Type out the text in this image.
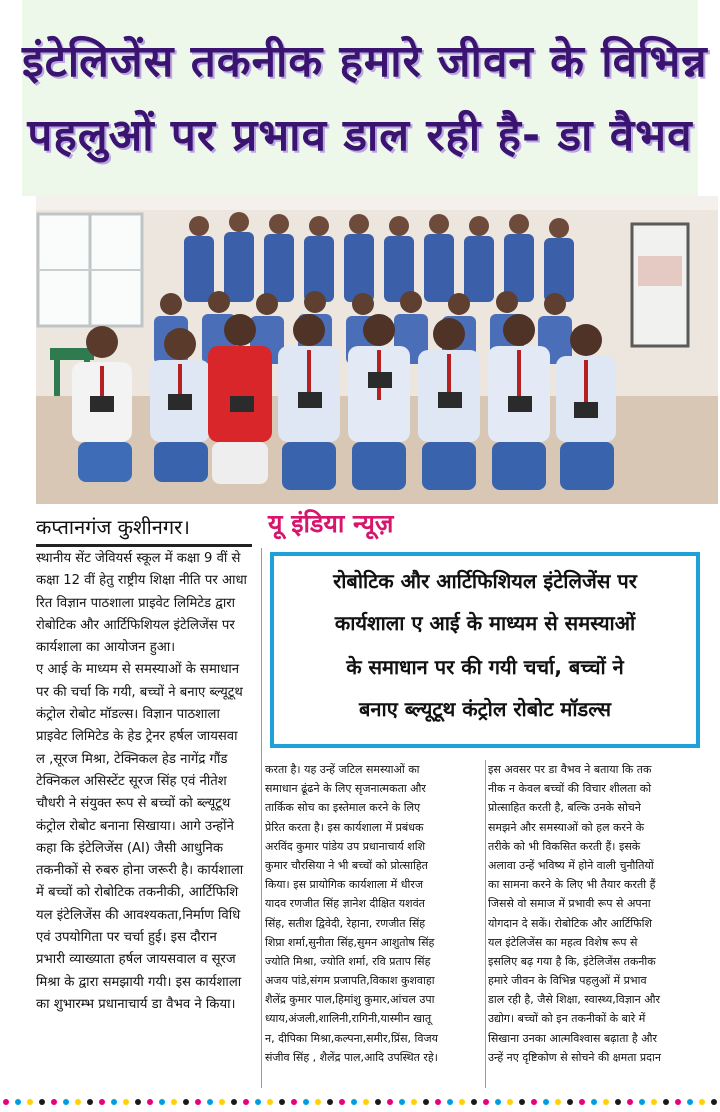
इंटेलिजेंस तकनीक हमारे जीवन के विभिन्न
पहलुओं पर प्रभाव डाल रही है- डा वैभव
कप्तानगंज कुशीनगर।	यू इंडिया न्यूज़
रोबोटिक और आर्टिफिशियल इंटेलिजेंस पर
कार्यशाला ए आई के माध्यम से समस्याओं
के समाधान पर की गयी चर्चा, बच्चों ने
बनाए ब्ल्यूटूथ कंट्रोल रोबोट मॉडल्स
स्थानीय सेंट जेवियर्स स्कूल में कक्षा 9 वीं से
कक्षा 12 वीं हेतु राष्ट्रीय शिक्षा नीति पर आधा
रित विज्ञान पाठशाला प्राइवेट लिमिटेड द्वारा
रोबोटिक और आर्टिफिशियल इंटेलिजेंस पर
कार्यशाला का आयोजन हुआ।
ए आई के माध्यम से समस्याओं के समाधान
पर की चर्चा कि गयी, बच्चों ने बनाए ब्ल्यूटूथ
कंट्रोल रोबोट मॉडल्स। विज्ञान पाठशाला
प्राइवेट लिमिटेड के हेड ट्रेनर हर्षल जायसवा
ल ,सूरज मिश्रा, टेक्निकल हेड नागेंद्र गौंड
टेक्निकल असिस्टेंट सूरज सिंह एवं नीतेश
चौधरी ने संयुक्त रूप से बच्चों को ब्ल्यूटूथ
कंट्रोल रोबोट बनाना सिखाया। आगे उन्होंने
कहा कि इंटेलिजेंस (AI) जैसी आधुनिक
तकनीकों से रुबरु होना जरूरी है। कार्यशाला
में बच्चों को रोबोटिक तकनीकी, आर्टिफिशि
यल इंटेलिजेंस की आवश्यकता,निर्माण विधि
एवं उपयोगिता पर चर्चा हुई। इस दौरान
प्रभारी व्याख्याता हर्षल जायसवाल व सूरज
मिश्रा के द्वारा समझायी गयी। इस कार्यशाला
का शुभारम्भ प्रधानाचार्य डा वैभव ने किया।
करता है। यह उन्हें जटिल समस्याओं का
समाधान ढूंढने के लिए सृजनात्मकता और
तार्किक सोच का इस्तेमाल करने के लिए
प्रेरित करता है। इस कार्यशाला में प्रबंधक
अरविंद कुमार पांडेय उप प्रधानाचार्य शशि
कुमार चौरसिया ने भी बच्चों को प्रोत्साहित
किया। इस प्रायोगिक कार्यशाला में धीरज
यादव रणजीत सिंह ज्ञानेश दीक्षित यशवंत
सिंह, सतीश द्विवेदी, रेहाना, रणजीत सिंह
शिप्रा शर्मा,सुनीता सिंह,सुमन आशुतोष सिंह
ज्योति मिश्रा, ज्योति शर्मा, रवि प्रताप सिंह
अजय पांडे,संगम प्रजापति,विकाश कुशवाहा
शैलेंद्र कुमार पाल,हिमांशु कुमार,आंचल उपा
ध्याय,अंजली,शालिनी,रागिनी,यास्मीन खातू
न, दीपिका मिश्रा,कल्पना,समीर,प्रिंस, विजय
संजीव सिंह , शैलेंद्र पाल,आदि उपस्थित रहे।
इस अवसर पर डा वैभव ने बताया कि तक
नीक न केवल बच्चों की विचार शीलता को
प्रोत्साहित करती है, बल्कि उनके सोचने
समझने और समस्याओं को हल करने के
तरीके को भी विकसित करती हैं। इसके
अलावा उन्हें भविष्य में होने वाली चुनौतियों
का सामना करने के लिए भी तैयार करती हैं
जिससे वो समाज में प्रभावी रूप से अपना
योगदान दे सकें। रोबोटिक और आर्टिफिशि
यल इंटेलिजेंस का महत्व विशेष रूप से
इसलिए बढ़ गया है कि, इंटेलिजेंस तकनीक
हमारे जीवन के विभिन्न पहलुओं में प्रभाव
डाल रही है, जैसे शिक्षा, स्वास्थ्य,विज्ञान और
उद्योग। बच्चों को इन तकनीकों के बारे में
सिखाना उनका आत्मविश्वास बढ़ाता है और
उन्हें नए दृष्टिकोण से सोचने की क्षमता प्रदान
